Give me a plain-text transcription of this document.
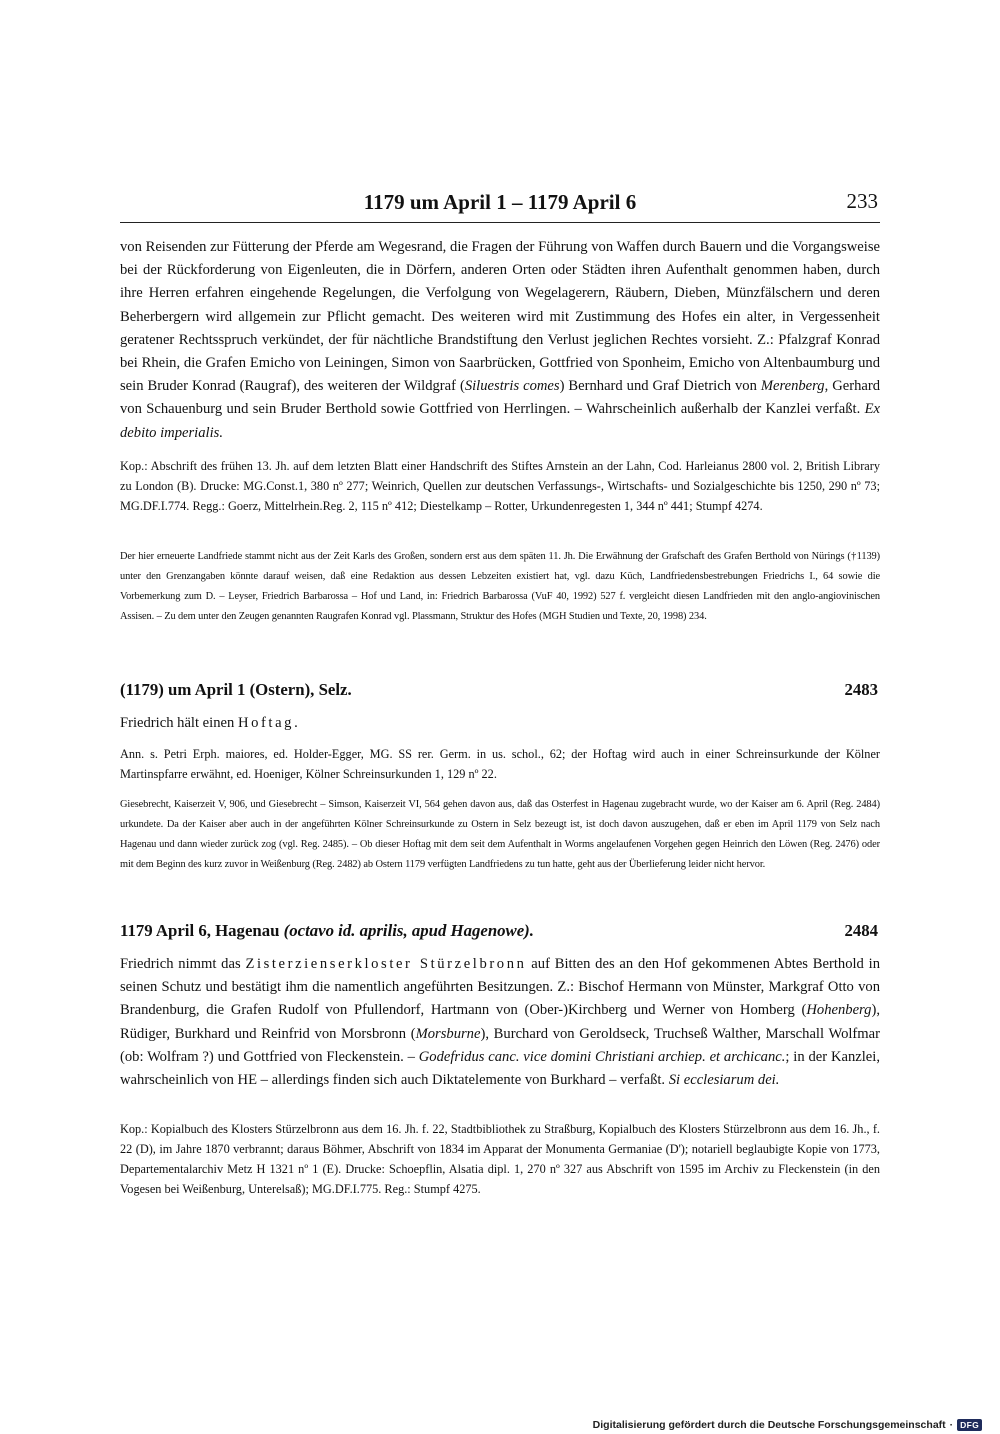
1179 um April 1 – 1179 April 6	233
von Reisenden zur Fütterung der Pferde am Wegesrand, die Fragen der Führung von Waffen durch Bauern und die Vorgangsweise bei der Rückforderung von Eigenleuten, die in Dörfern, anderen Orten oder Städten ihren Aufenthalt genommen haben, durch ihre Herren erfahren eingehende Regelungen, die Verfolgung von Wegelagerern, Räubern, Dieben, Münzfälschern und deren Beherbergern wird allgemein zur Pflicht gemacht. Des weiteren wird mit Zustimmung des Hofes ein alter, in Vergessenheit geratener Rechtsspruch verkündet, der für nächtliche Brandstiftung den Verlust jeglichen Rechtes vorsieht. Z.: Pfalzgraf Konrad bei Rhein, die Grafen Emicho von Leiningen, Simon von Saarbrücken, Gottfried von Sponheim, Emicho von Altenbaumburg und sein Bruder Konrad (Raugraf), des weiteren der Wildgraf (Siluestris comes) Bernhard und Graf Dietrich von Merenberg, Gerhard von Schauenburg und sein Bruder Berthold sowie Gottfried von Herrlingen. – Wahrscheinlich außerhalb der Kanzlei verfaßt. Ex debito imperialis.
Kop.: Abschrift des frühen 13. Jh. auf dem letzten Blatt einer Handschrift des Stiftes Arnstein an der Lahn, Cod. Harleianus 2800 vol. 2, British Library zu London (B). Drucke: MG.Const.1, 380 nº 277; Weinrich, Quellen zur deutschen Verfassungs-, Wirtschafts- und Sozialgeschichte bis 1250, 290 nº 73; MG.DF.I.774. Regg.: Goerz, Mittelrhein.Reg. 2, 115 nº 412; Diestelkamp – Rotter, Urkundenregesten 1, 344 nº 441; Stumpf 4274.
Der hier erneuerte Landfriede stammt nicht aus der Zeit Karls des Großen, sondern erst aus dem späten 11. Jh. Die Erwähnung der Grafschaft des Grafen Berthold von Nürings (†1139) unter den Grenzangaben könnte darauf weisen, daß eine Redaktion aus dessen Lebzeiten existiert hat, vgl. dazu Küch, Landfriedensbestrebungen Friedrichs I., 64 sowie die Vorbemerkung zum D. – Leyser, Friedrich Barbarossa – Hof und Land, in: Friedrich Barbarossa (VuF 40, 1992) 527 f. vergleicht diesen Landfrieden mit den anglo-angiovinischen Assisen. – Zu dem unter den Zeugen genannten Raugrafen Konrad vgl. Plassmann, Struktur des Hofes (MGH Studien und Texte, 20, 1998) 234.
(1179) um April 1 (Ostern), Selz.	2483
Friedrich hält einen Hoftag.
Ann. s. Petri Erph. maiores, ed. Holder-Egger, MG. SS rer. Germ. in us. schol., 62; der Hoftag wird auch in einer Schreinsurkunde der Kölner Martinspfarre erwähnt, ed. Hoeniger, Kölner Schreinsurkunden 1, 129 nº 22.
Giesebrecht, Kaiserzeit V, 906, und Giesebrecht – Simson, Kaiserzeit VI, 564 gehen davon aus, daß das Osterfest in Hagenau zugebracht wurde, wo der Kaiser am 6. April (Reg. 2484) urkundete. Da der Kaiser aber auch in der angeführten Kölner Schreinsurkunde zu Ostern in Selz bezeugt ist, ist doch davon auszugehen, daß er eben im April 1179 von Selz nach Hagenau und dann wieder zurück zog (vgl. Reg. 2485). – Ob dieser Hoftag mit dem seit dem Aufenthalt in Worms angelaufenen Vorgehen gegen Heinrich den Löwen (Reg. 2476) oder mit dem Beginn des kurz zuvor in Weißenburg (Reg. 2482) ab Ostern 1179 verfügten Landfriedens zu tun hatte, geht aus der Überlieferung leider nicht hervor.
1179 April 6, Hagenau (octavo id. aprilis, apud Hagenowe).	2484
Friedrich nimmt das Zisterzienserkloster Stürzelbronn auf Bitten des an den Hof gekommenen Abtes Berthold in seinen Schutz und bestätigt ihm die namentlich angeführten Besitzungen. Z.: Bischof Hermann von Münster, Markgraf Otto von Brandenburg, die Grafen Rudolf von Pfullendorf, Hartmann von (Ober-)Kirchberg und Werner von Homberg (Hohenberg), Rüdiger, Burkhard und Reinfrid von Morsbronn (Morsburne), Burchard von Geroldseck, Truchseß Walther, Marschall Wolfmar (ob: Wolfram ?) und Gottfried von Fleckenstein. – Godefridus canc. vice domini Christiani archiep. et archicanc.; in der Kanzlei, wahrscheinlich von HE – allerdings finden sich auch Diktatelemente von Burkhard – verfaßt. Si ecclesiarum dei.
Kop.: Kopialbuch des Klosters Stürzelbronn aus dem 16. Jh. f. 22, Stadtbibliothek zu Straßburg, Kopialbuch des Klosters Stürzelbronn aus dem 16. Jh., f. 22 (D), im Jahre 1870 verbrannt; daraus Böhmer, Abschrift von 1834 im Apparat der Monumenta Germaniae (D'); notariell beglaubigte Kopie von 1773, Departementalarchiv Metz H 1321 nº 1 (E). Drucke: Schoepflin, Alsatia dipl. 1, 270 nº 327 aus Abschrift von 1595 im Archiv zu Fleckenstein (in den Vogesen bei Weißenburg, Unterelsaß); MG.DF.I.775. Reg.: Stumpf 4275.
Digitalisierung gefördert durch die Deutsche Forschungsgemeinschaft · DFG
